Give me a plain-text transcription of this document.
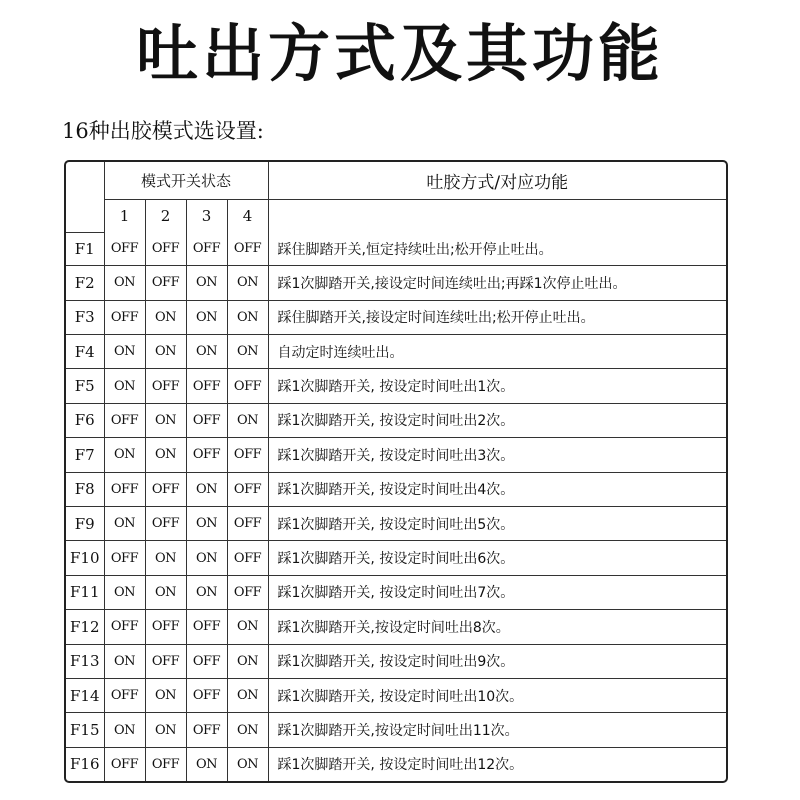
吐出方式及其功能
16种出胶模式选设置:
	模式开关状态				吐胶方式/对应功能
	1	2	3	4	
F1	OFF	OFF	OFF	OFF	踩住脚踏开关,恒定持续吐出;松开停止吐出。
F2	ON	OFF	ON	ON	踩1次脚踏开关,接设定时间连续吐出;再踩1次停止吐出。
F3	OFF	ON	ON	ON	踩住脚踏开关,接设定时间连续吐出;松开停止吐出。
F4	ON	ON	ON	ON	自动定时连续吐出。
F5	ON	OFF	OFF	OFF	踩1次脚踏开关, 按设定时间吐出1次。
F6	OFF	ON	OFF	ON	踩1次脚踏开关, 按设定时间吐出2次。
F7	ON	ON	OFF	OFF	踩1次脚踏开关, 按设定时间吐出3次。
F8	OFF	OFF	ON	OFF	踩1次脚踏开关, 按设定时间吐出4次。
F9	ON	OFF	ON	OFF	踩1次脚踏开关, 按设定时间吐出5次。
F10	OFF	ON	ON	OFF	踩1次脚踏开关, 按设定时间吐出6次。
F11	ON	ON	ON	OFF	踩1次脚踏开关, 按设定时间吐出7次。
F12	OFF	OFF	OFF	ON	踩1次脚踏开关,按设定时间吐出8次。
F13	ON	OFF	OFF	ON	踩1次脚踏开关, 按设定时间吐出9次。
F14	OFF	ON	OFF	ON	踩1次脚踏开关, 按设定时间吐出10次。
F15	ON	ON	OFF	ON	踩1次脚踏开关,按设定时间吐出11次。
F16	OFF	OFF	ON	ON	踩1次脚踏开关, 按设定时间吐出12次。
